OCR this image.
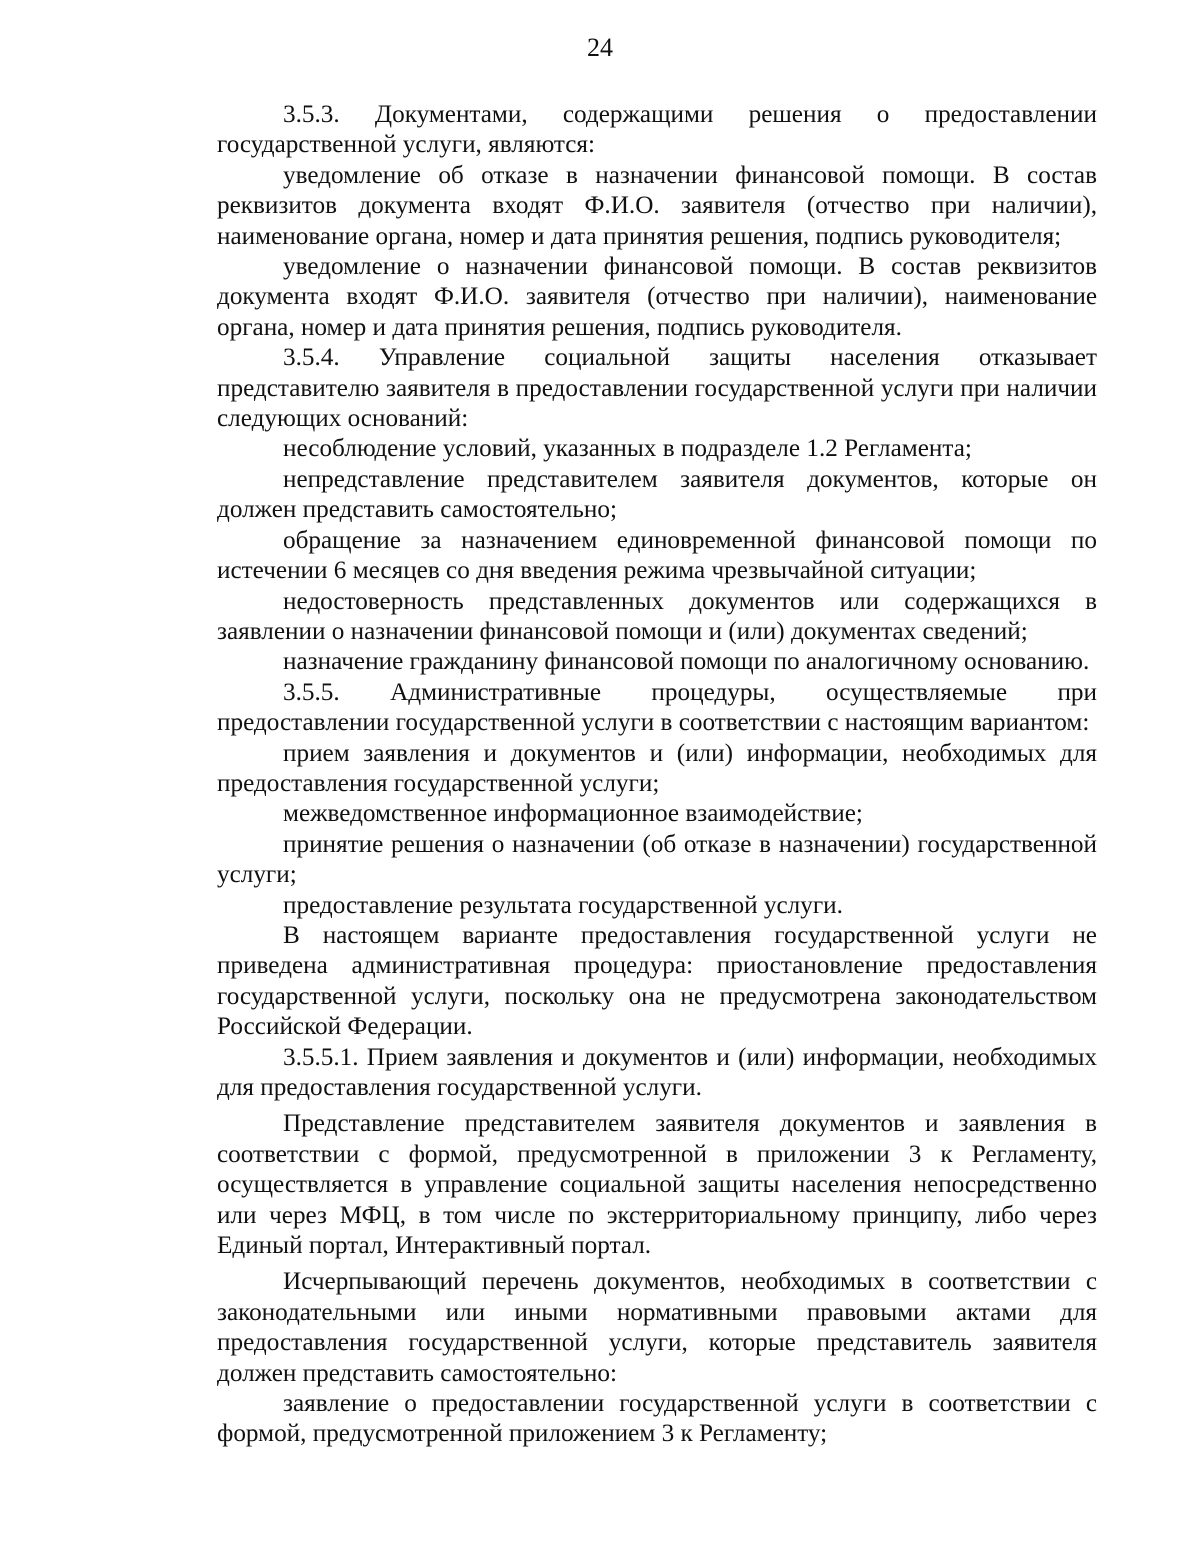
24

3.5.3. Документами, содержащими решения о предоставлении государственной услуги, являются:

уведомление об отказе в назначении финансовой помощи. В состав реквизитов документа входят Ф.И.О. заявителя (отчество при наличии), наименование органа, номер и дата принятия решения, подпись руководителя;

уведомление о назначении финансовой помощи. В состав реквизитов документа входят Ф.И.О. заявителя (отчество при наличии), наименование органа, номер и дата принятия решения, подпись руководителя.

3.5.4. Управление социальной защиты населения отказывает представителю заявителя в предоставлении государственной услуги при наличии следующих оснований:

несоблюдение условий, указанных в подразделе 1.2 Регламента;

непредставление представителем заявителя документов, которые он должен представить самостоятельно;

обращение за назначением единовременной финансовой помощи по истечении 6 месяцев со дня введения режима чрезвычайной ситуации;

недостоверность представленных документов или содержащихся в заявлении о назначении финансовой помощи и (или) документах сведений;

назначение гражданину финансовой помощи по аналогичному основанию.

3.5.5. Административные процедуры, осуществляемые при предоставлении государственной услуги в соответствии с настоящим вариантом:

прием заявления и документов и (или) информации, необходимых для предоставления государственной услуги;

межведомственное информационное взаимодействие;

принятие решения о назначении (об отказе в назначении) государственной услуги;

предоставление результата государственной услуги.

В настоящем варианте предоставления государственной услуги не приведена административная процедура: приостановление предоставления государственной услуги, поскольку она не предусмотрена законодательством Российской Федерации.

3.5.5.1. Прием заявления и документов и (или) информации, необходимых для предоставления государственной услуги.

Представление представителем заявителя документов и заявления в соответствии с формой, предусмотренной в приложении 3 к Регламенту, осуществляется в управление социальной защиты населения непосредственно или через МФЦ, в том числе по экстерриториальному принципу, либо через Единый портал, Интерактивный портал.

Исчерпывающий перечень документов, необходимых в соответствии с законодательными или иными нормативными правовыми актами для предоставления государственной услуги, которые представитель заявителя должен представить самостоятельно:

заявление о предоставлении государственной услуги в соответствии с формой, предусмотренной приложением 3 к Регламенту;
